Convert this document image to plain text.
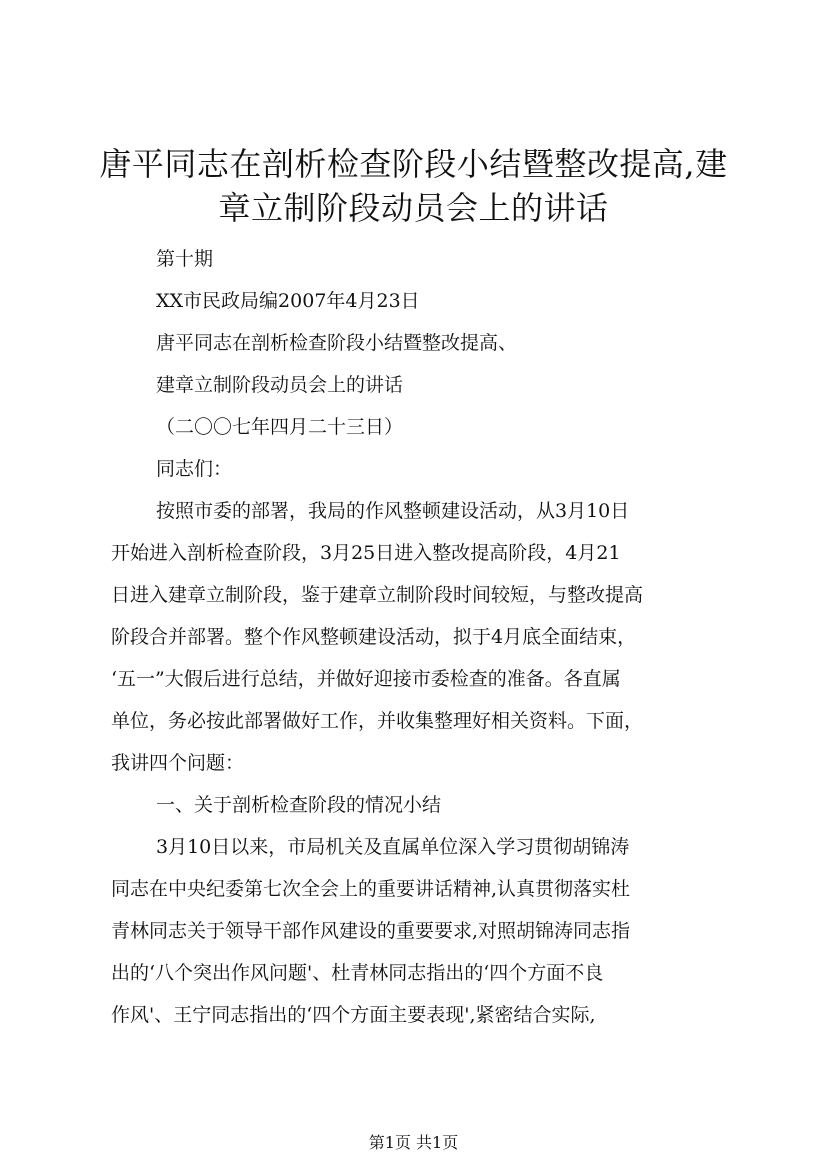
唐平同志在剖析检查阶段小结暨整改提高,建
章立制阶段动员会上的讲话

第十期

XX市民政局编2007年4月23日

唐平同志在剖析检查阶段小结暨整改提高、

建章立制阶段动员会上的讲话

（二〇〇七年四月二十三日）

同志们：

按照市委的部署，我局的作风整顿建设活动，从3月10日

开始进入剖析检查阶段，3月25日进入整改提高阶段，4月21

日进入建章立制阶段，鉴于建章立制阶段时间较短，与整改提高

阶段合并部署。整个作风整顿建设活动，拟于4月底全面结束，

‘五一”大假后进行总结，并做好迎接市委检查的准备。各直属

单位，务必按此部署做好工作，并收集整理好相关资料。下面，

我讲四个问题：

一、关于剖析检查阶段的情况小结

3月10日以来，市局机关及直属单位深入学习贯彻胡锦涛

同志在中央纪委第七次全会上的重要讲话精神,认真贯彻落实杜

青林同志关于领导干部作风建设的重要要求,对照胡锦涛同志指

出的‘八个突出作风问题'、杜青林同志指出的‘四个方面不良

作风'、王宁同志指出的‘四个方面主要表现',紧密结合实际,

第1页 共1页
